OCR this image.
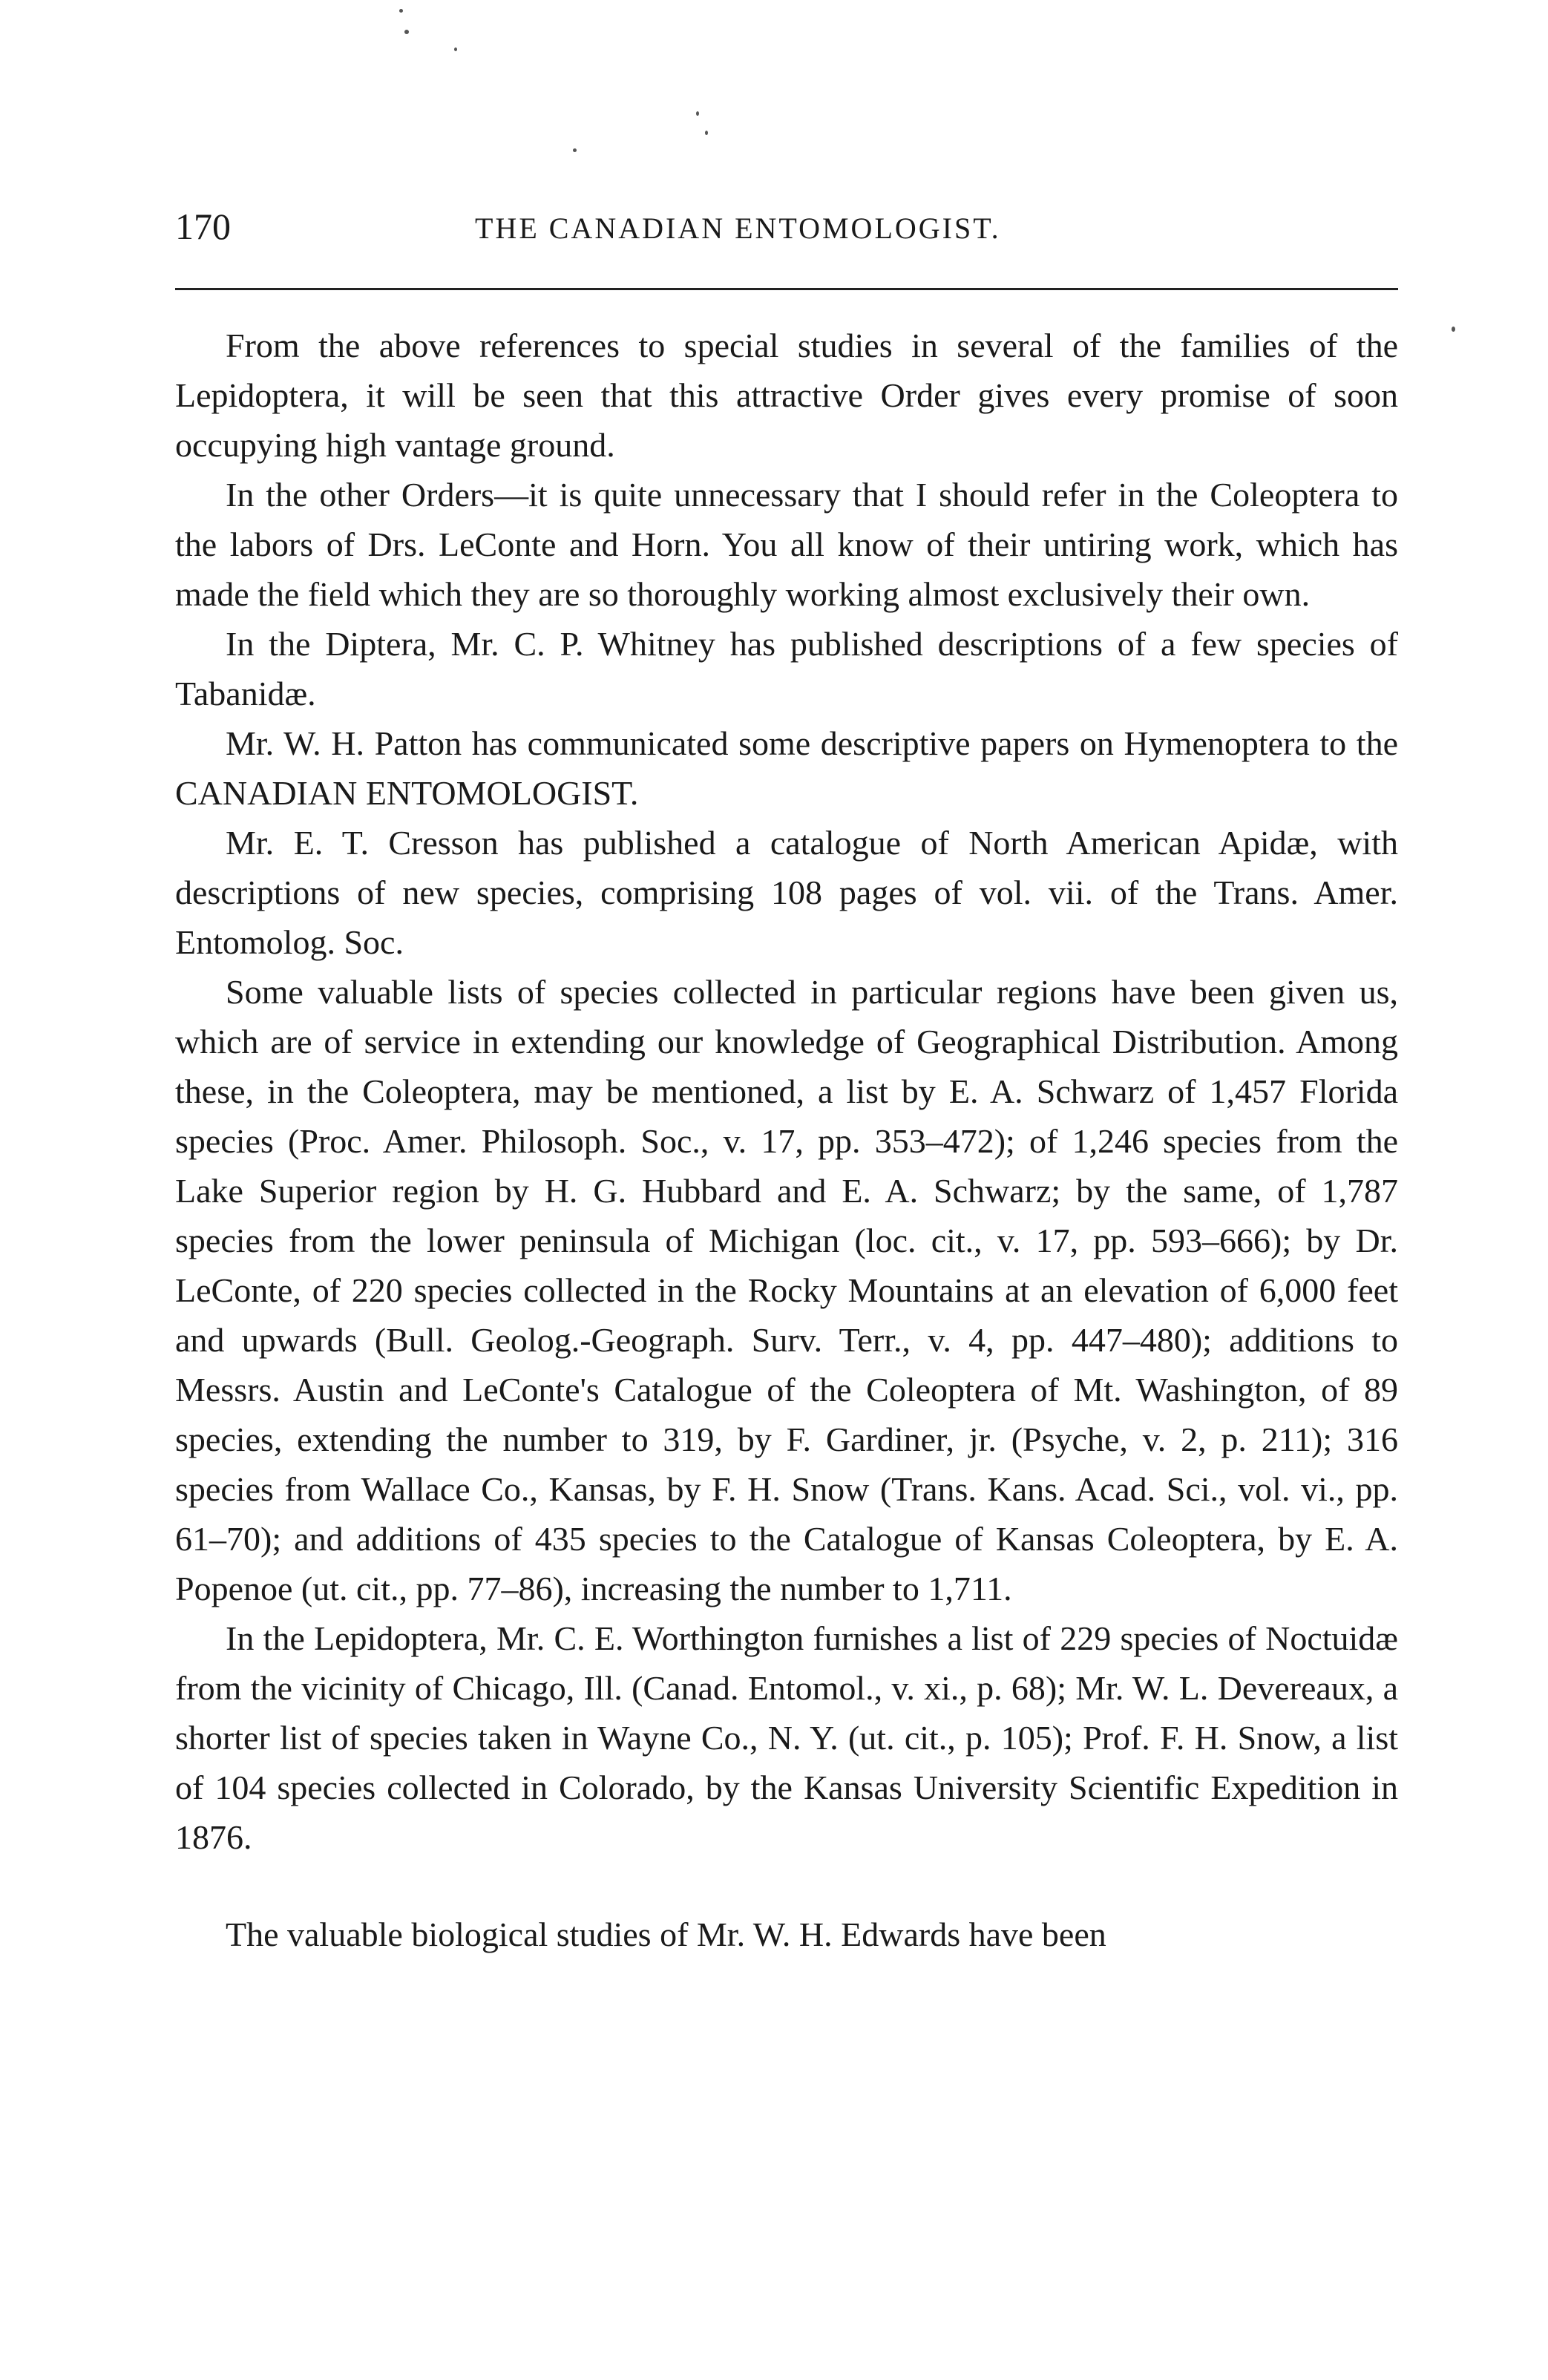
170	THE CANADIAN ENTOMOLOGIST.

From the above references to special studies in several of the families of the Lepidoptera, it will be seen that this attractive Order gives every promise of soon occupying high vantage ground.

In the other Orders—it is quite unnecessary that I should refer in the Coleoptera to the labors of Drs. LeConte and Horn. You all know of their untiring work, which has made the field which they are so thoroughly working almost exclusively their own.

In the Diptera, Mr. C. P. Whitney has published descriptions of a few species of Tabanidæ.

Mr. W. H. Patton has communicated some descriptive papers on Hymenoptera to the CANADIAN ENTOMOLOGIST.

Mr. E. T. Cresson has published a catalogue of North American Apidæ, with descriptions of new species, comprising 108 pages of vol. vii. of the Trans. Amer. Entomolog. Soc.

Some valuable lists of species collected in particular regions have been given us, which are of service in extending our knowledge of Geographical Distribution. Among these, in the Coleoptera, may be mentioned, a list by E. A. Schwarz of 1,457 Florida species (Proc. Amer. Philosoph. Soc., v. 17, pp. 353–472); of 1,246 species from the Lake Superior region by H. G. Hubbard and E. A. Schwarz; by the same, of 1,787 species from the lower peninsula of Michigan (loc. cit., v. 17, pp. 593–666); by Dr. LeConte, of 220 species collected in the Rocky Mountains at an elevation of 6,000 feet and upwards (Bull. Geolog.-Geograph. Surv. Terr., v. 4, pp. 447–480); additions to Messrs. Austin and LeConte's Catalogue of the Coleoptera of Mt. Washington, of 89 species, extending the number to 319, by F. Gardiner, jr. (Psyche, v. 2, p. 211); 316 species from Wallace Co., Kansas, by F. H. Snow (Trans. Kans. Acad. Sci., vol. vi., pp. 61–70); and additions of 435 species to the Catalogue of Kansas Coleoptera, by E. A. Popenoe (ut. cit., pp. 77–86), increasing the number to 1,711.

In the Lepidoptera, Mr. C. E. Worthington furnishes a list of 229 species of Noctuidæ from the vicinity of Chicago, Ill. (Canad. Entomol., v. xi., p. 68); Mr. W. L. Devereaux, a shorter list of species taken in Wayne Co., N. Y. (ut. cit., p. 105); Prof. F. H. Snow, a list of 104 species collected in Colorado, by the Kansas University Scientific Expedition in 1876.

The valuable biological studies of Mr. W. H. Edwards have been
